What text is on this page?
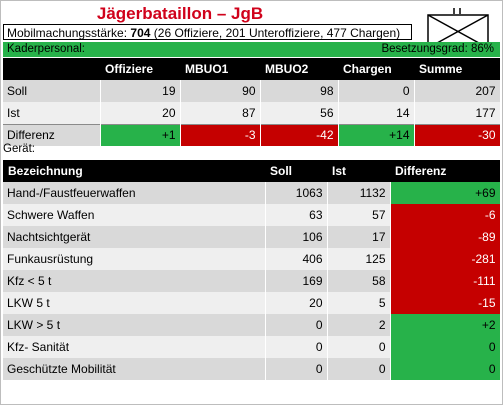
Jägerbataillon – JgB
Mobilmachungsstärke: 704 (26 Offiziere, 201 Unteroffiziere, 477 Chargen)
Kaderpersonal:	Besetzungsgrad: 86%
	Offiziere	MBUO1	MBUO2	Chargen	Summe
Soll	19	90	98	0	207
Ist	20	87	56	14	177
Differenz	+1	-3	-42	+14	-30
Gerät:
Bezeichnung	Soll	Ist	Differenz
Hand-/Faustfeuerwaffen	1063	1132	+69
Schwere Waffen	63	57	-6
Nachtsichtgerät	106	17	-89
Funkausrüstung	406	125	-281
Kfz < 5 t	169	58	-111
LKW 5 t	20	5	-15
LKW > 5 t	0	2	+2
Kfz- Sanität	0	0	0
Geschützte Mobilität	0	0	0
